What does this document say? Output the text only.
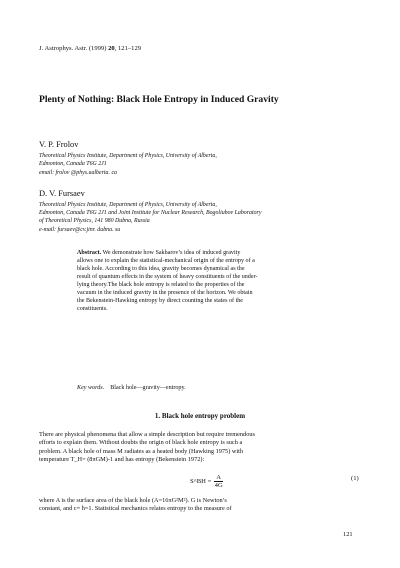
J. Astrophys. Astr. (1999) 20, 121–129
Plenty of Nothing: Black Hole Entropy in Induced Gravity
V. P. Frolov
Theoretical Physics Institute, Department of Physics, University of Alberta,
Edmonton, Canada T6G 2J1
email: frolov @phys.ualberta. ca
D. V. Fursaev
Theoretical Physics Institute, Department of Physics, University of Alberta,
Edmonton, Canada T6G 2J1 and Joint Institute for Nuclear Research, Bogoliubov Laboratory
of Theoretical Physics, 141 980 Dubna, Russia
e-mail: fursaev@cv.jinr. dubna. su
Abstract. We demonstrate how Sakharov’s idea of induced gravity
allows one to explain the statistical-mechanical origin of the entropy of a
black hole. According to this idea, gravity becomes dynamical as the
result of quantum effects in the system of heavy constituents of the under-
lying theory.The black hole entropy is related to the properties of the
vacuum in the induced gravity in the presence of the horizon. We obtain
the Bekenstein-Hawking entropy by direct counting the states of the
constituents.
Key words. Black hole—gravity—entropy.
1. Black hole entropy problem
There are physical phenomena that allow a simple description but require tremendous
efforts to explain them. Without doubts the origin of black hole entropy is such a
problem. A black hole of mass M radiates as a heated body (Hawking 1975) with
temperature T_H= (8πGM)-1 and has entropy (Bekenstein 1972):
S^BH = $\frac{A}{4G}$	(1)
where A is the surface area of the black hole (A=16πG²M²). G is Newton’s
constant, and c= ħ=1. Statistical mechanics relates entropy to the measure of
121
